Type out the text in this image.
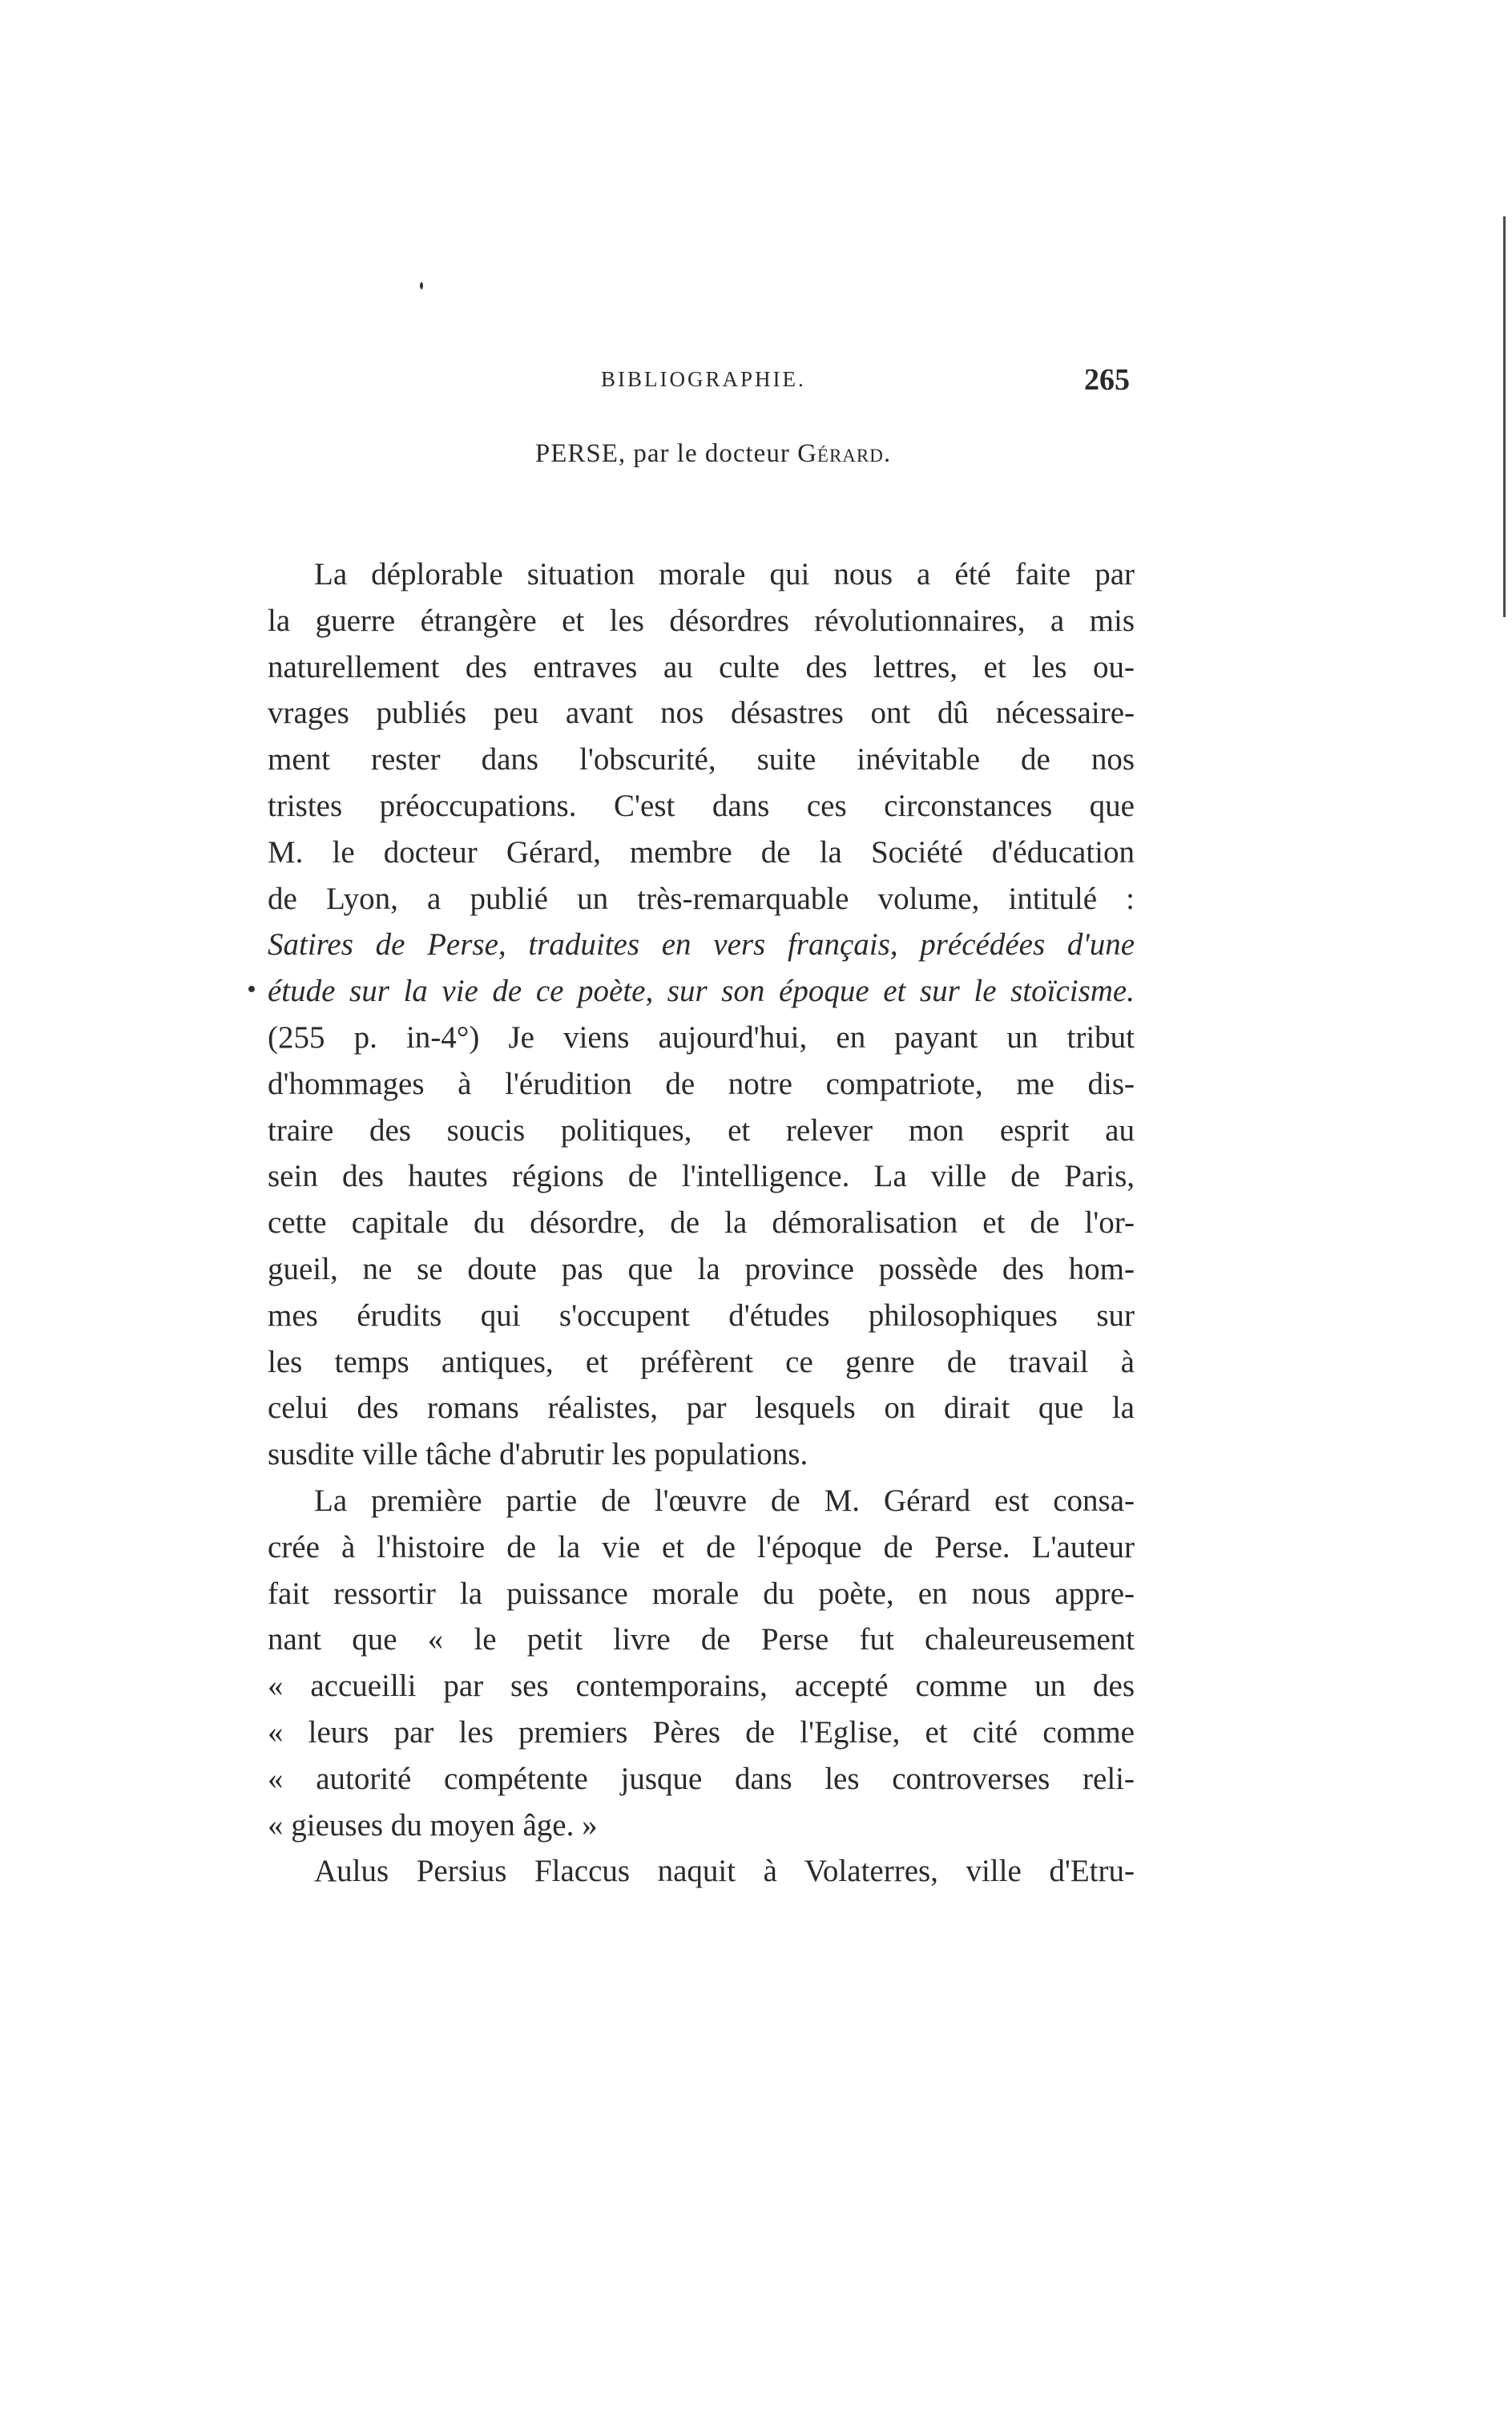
BIBLIOGRAPHIE.	265
PERSE, par le docteur Gérard.
La déplorable situation morale qui nous a été faite par
la guerre étrangère et les désordres révolutionnaires, a mis
naturellement des entraves au culte des lettres, et les ou-
vrages publiés peu avant nos désastres ont dû nécessaire-
ment rester dans l'obscurité, suite inévitable de nos
tristes préoccupations. C'est dans ces circonstances que
M. le docteur Gérard, membre de la Société d'éducation
de Lyon, a publié un très-remarquable volume, intitulé :
Satires de Perse, traduites en vers français, précédées d'une
étude sur la vie de ce poète, sur son époque et sur le stoïcisme.
(255 p. in-4°) Je viens aujourd'hui, en payant un tribut
d'hommages à l'érudition de notre compatriote, me dis-
traire des soucis politiques, et relever mon esprit au
sein des hautes régions de l'intelligence. La ville de Paris,
cette capitale du désordre, de la démoralisation et de l'or-
gueil, ne se doute pas que la province possède des hom-
mes érudits qui s'occupent d'études philosophiques sur
les temps antiques, et préfèrent ce genre de travail à
celui des romans réalistes, par lesquels on dirait que la
susdite ville tâche d'abrutir les populations.
La première partie de l'œuvre de M. Gérard est consa-
crée à l'histoire de la vie et de l'époque de Perse. L'auteur
fait ressortir la puissance morale du poète, en nous appre-
nant que « le petit livre de Perse fut chaleureusement
« accueilli par ses contemporains, accepté comme un des
« leurs par les premiers Pères de l'Eglise, et cité comme
« autorité compétente jusque dans les controverses reli-
« gieuses du moyen âge. »
Aulus Persius Flaccus naquit à Volaterres, ville d'Etru-
